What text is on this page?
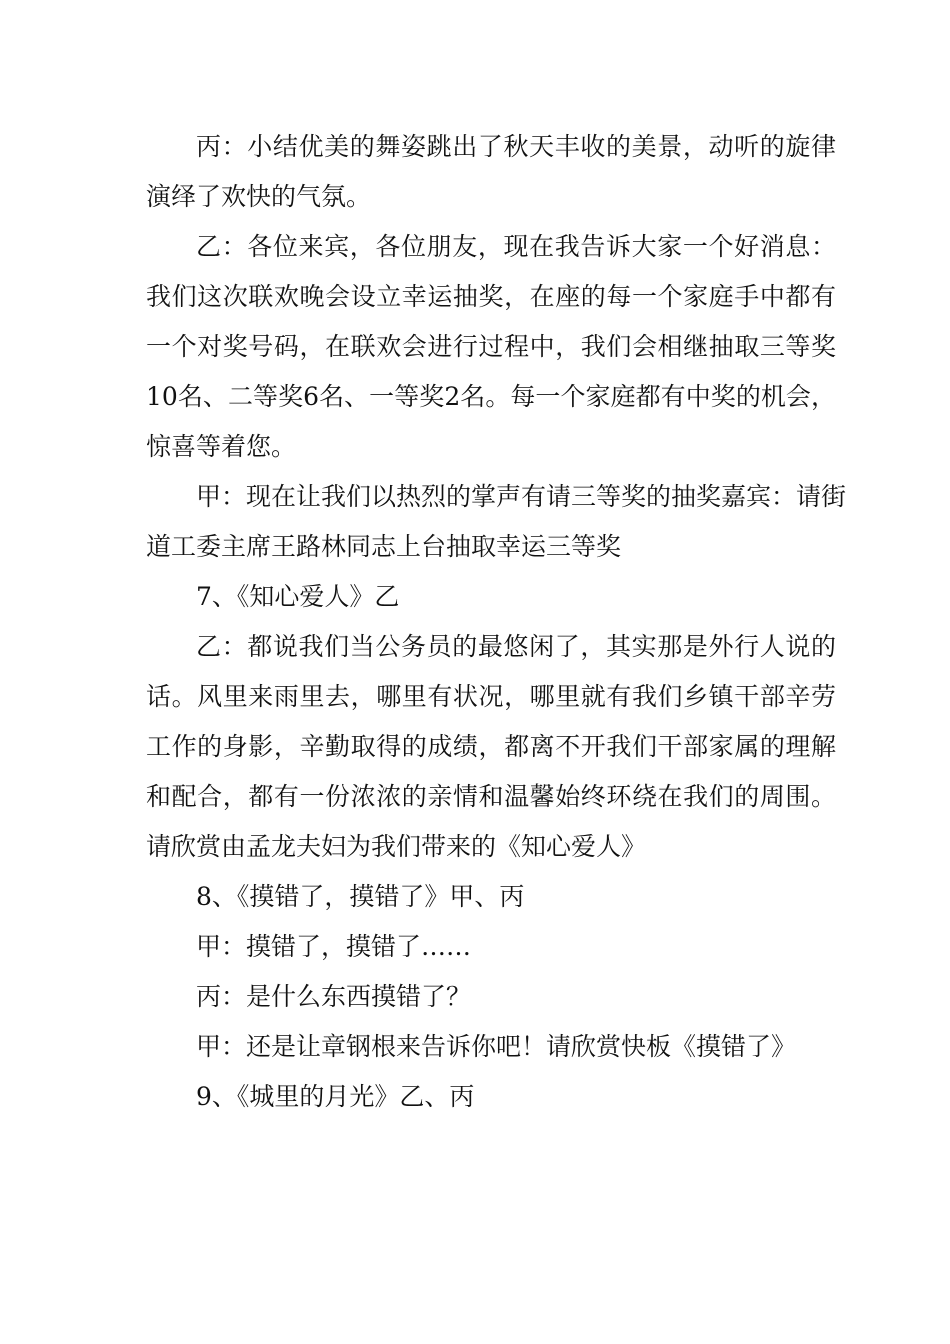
丙：小结优美的舞姿跳出了秋天丰收的美景，动听的旋律演绎了欢快的气氛。

乙：各位来宾，各位朋友，现在我告诉大家一个好消息：我们这次联欢晚会设立幸运抽奖，在座的每一个家庭手中都有一个对奖号码，在联欢会进行过程中，我们会相继抽取三等奖10名、二等奖6名、一等奖2名。每一个家庭都有中奖的机会，惊喜等着您。

甲：现在让我们以热烈的掌声有请三等奖的抽奖嘉宾：请街道工委主席王路林同志上台抽取幸运三等奖

7、《知心爱人》乙

乙：都说我们当公务员的最悠闲了，其实那是外行人说的话。风里来雨里去，哪里有状况，哪里就有我们乡镇干部辛劳工作的身影，辛勤取得的成绩，都离不开我们干部家属的理解和配合，都有一份浓浓的亲情和温馨始终环绕在我们的周围。请欣赏由孟龙夫妇为我们带来的《知心爱人》

8、《摸错了，摸错了》甲、丙

甲：摸错了，摸错了……

丙：是什么东西摸错了？

甲：还是让章钢根来告诉你吧！请欣赏快板《摸错了》

9、《城里的月光》乙、丙
